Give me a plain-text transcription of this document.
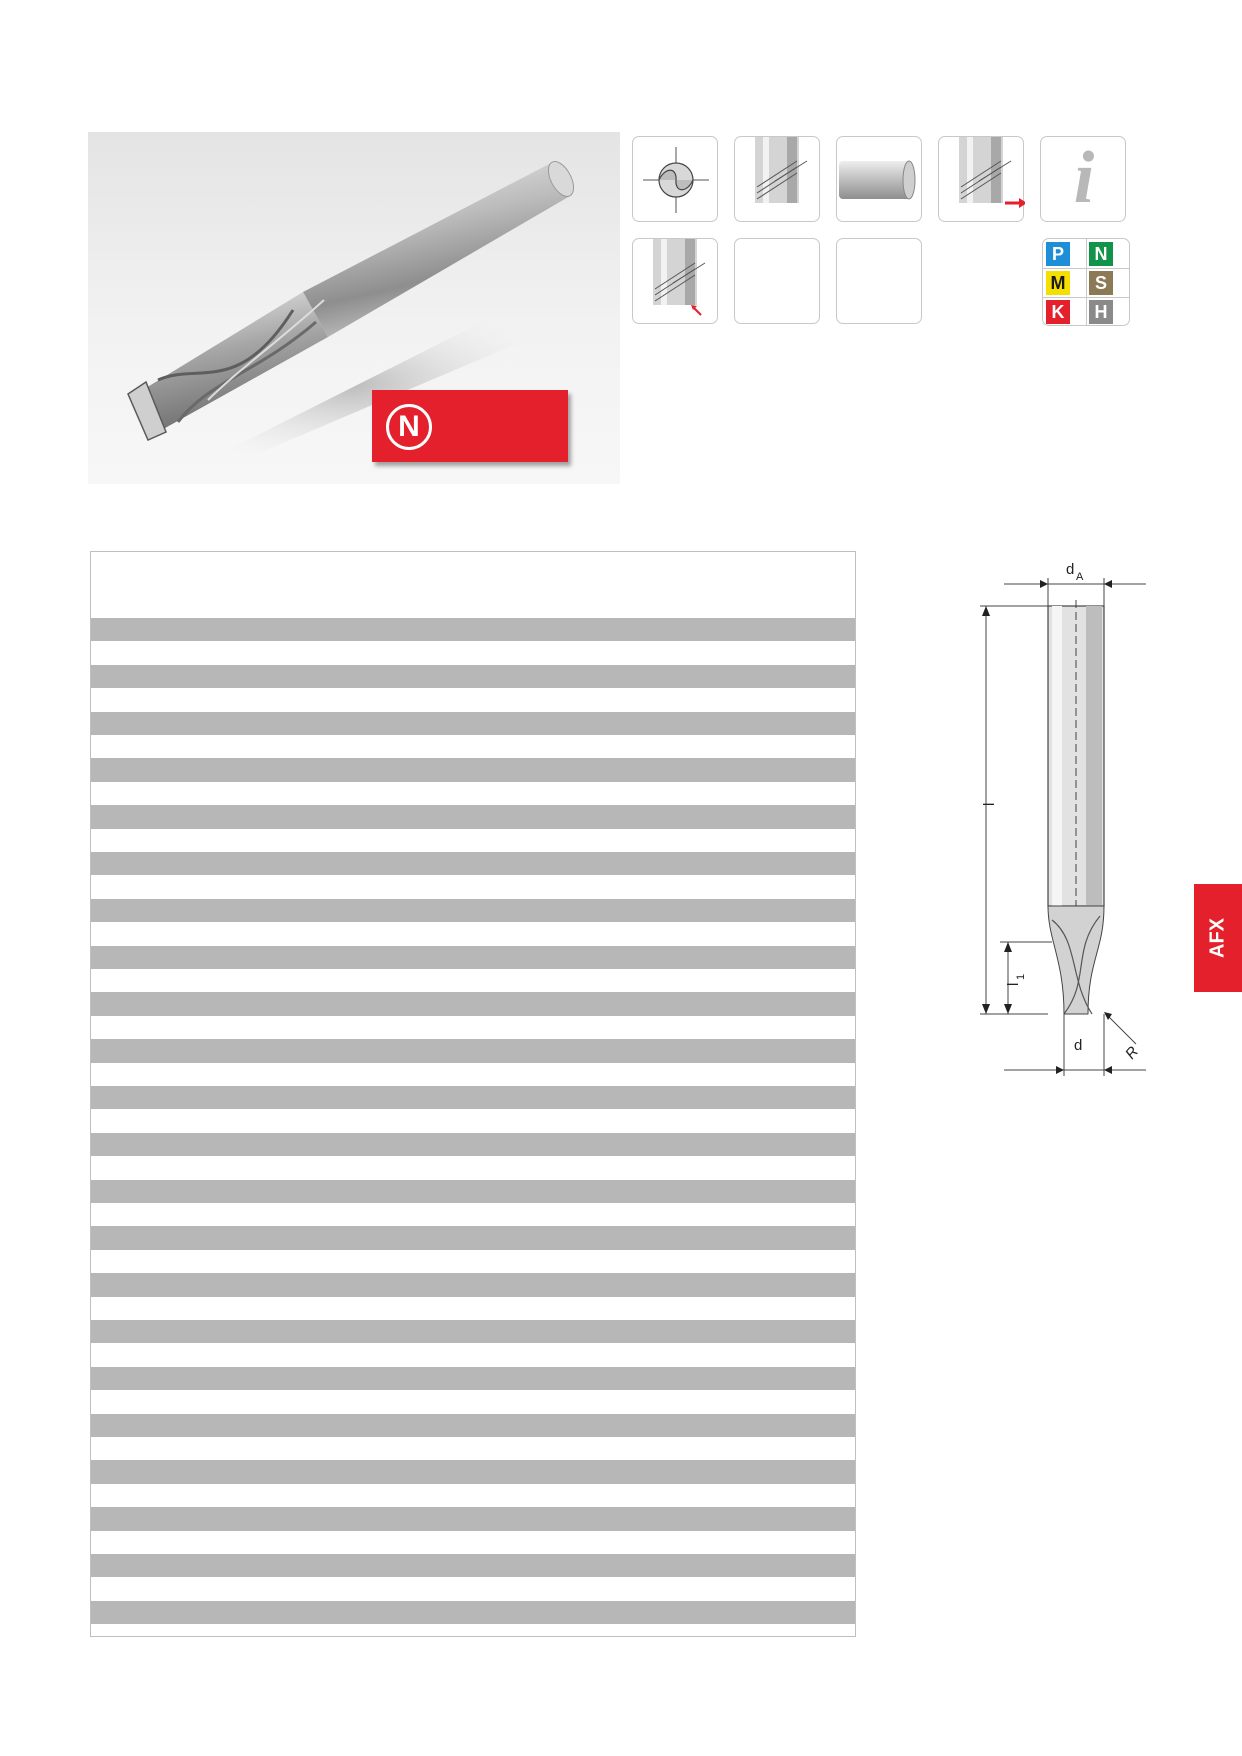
N
i
P	N
M	S
K	H
d A
l
l
1
d	R
AFX
